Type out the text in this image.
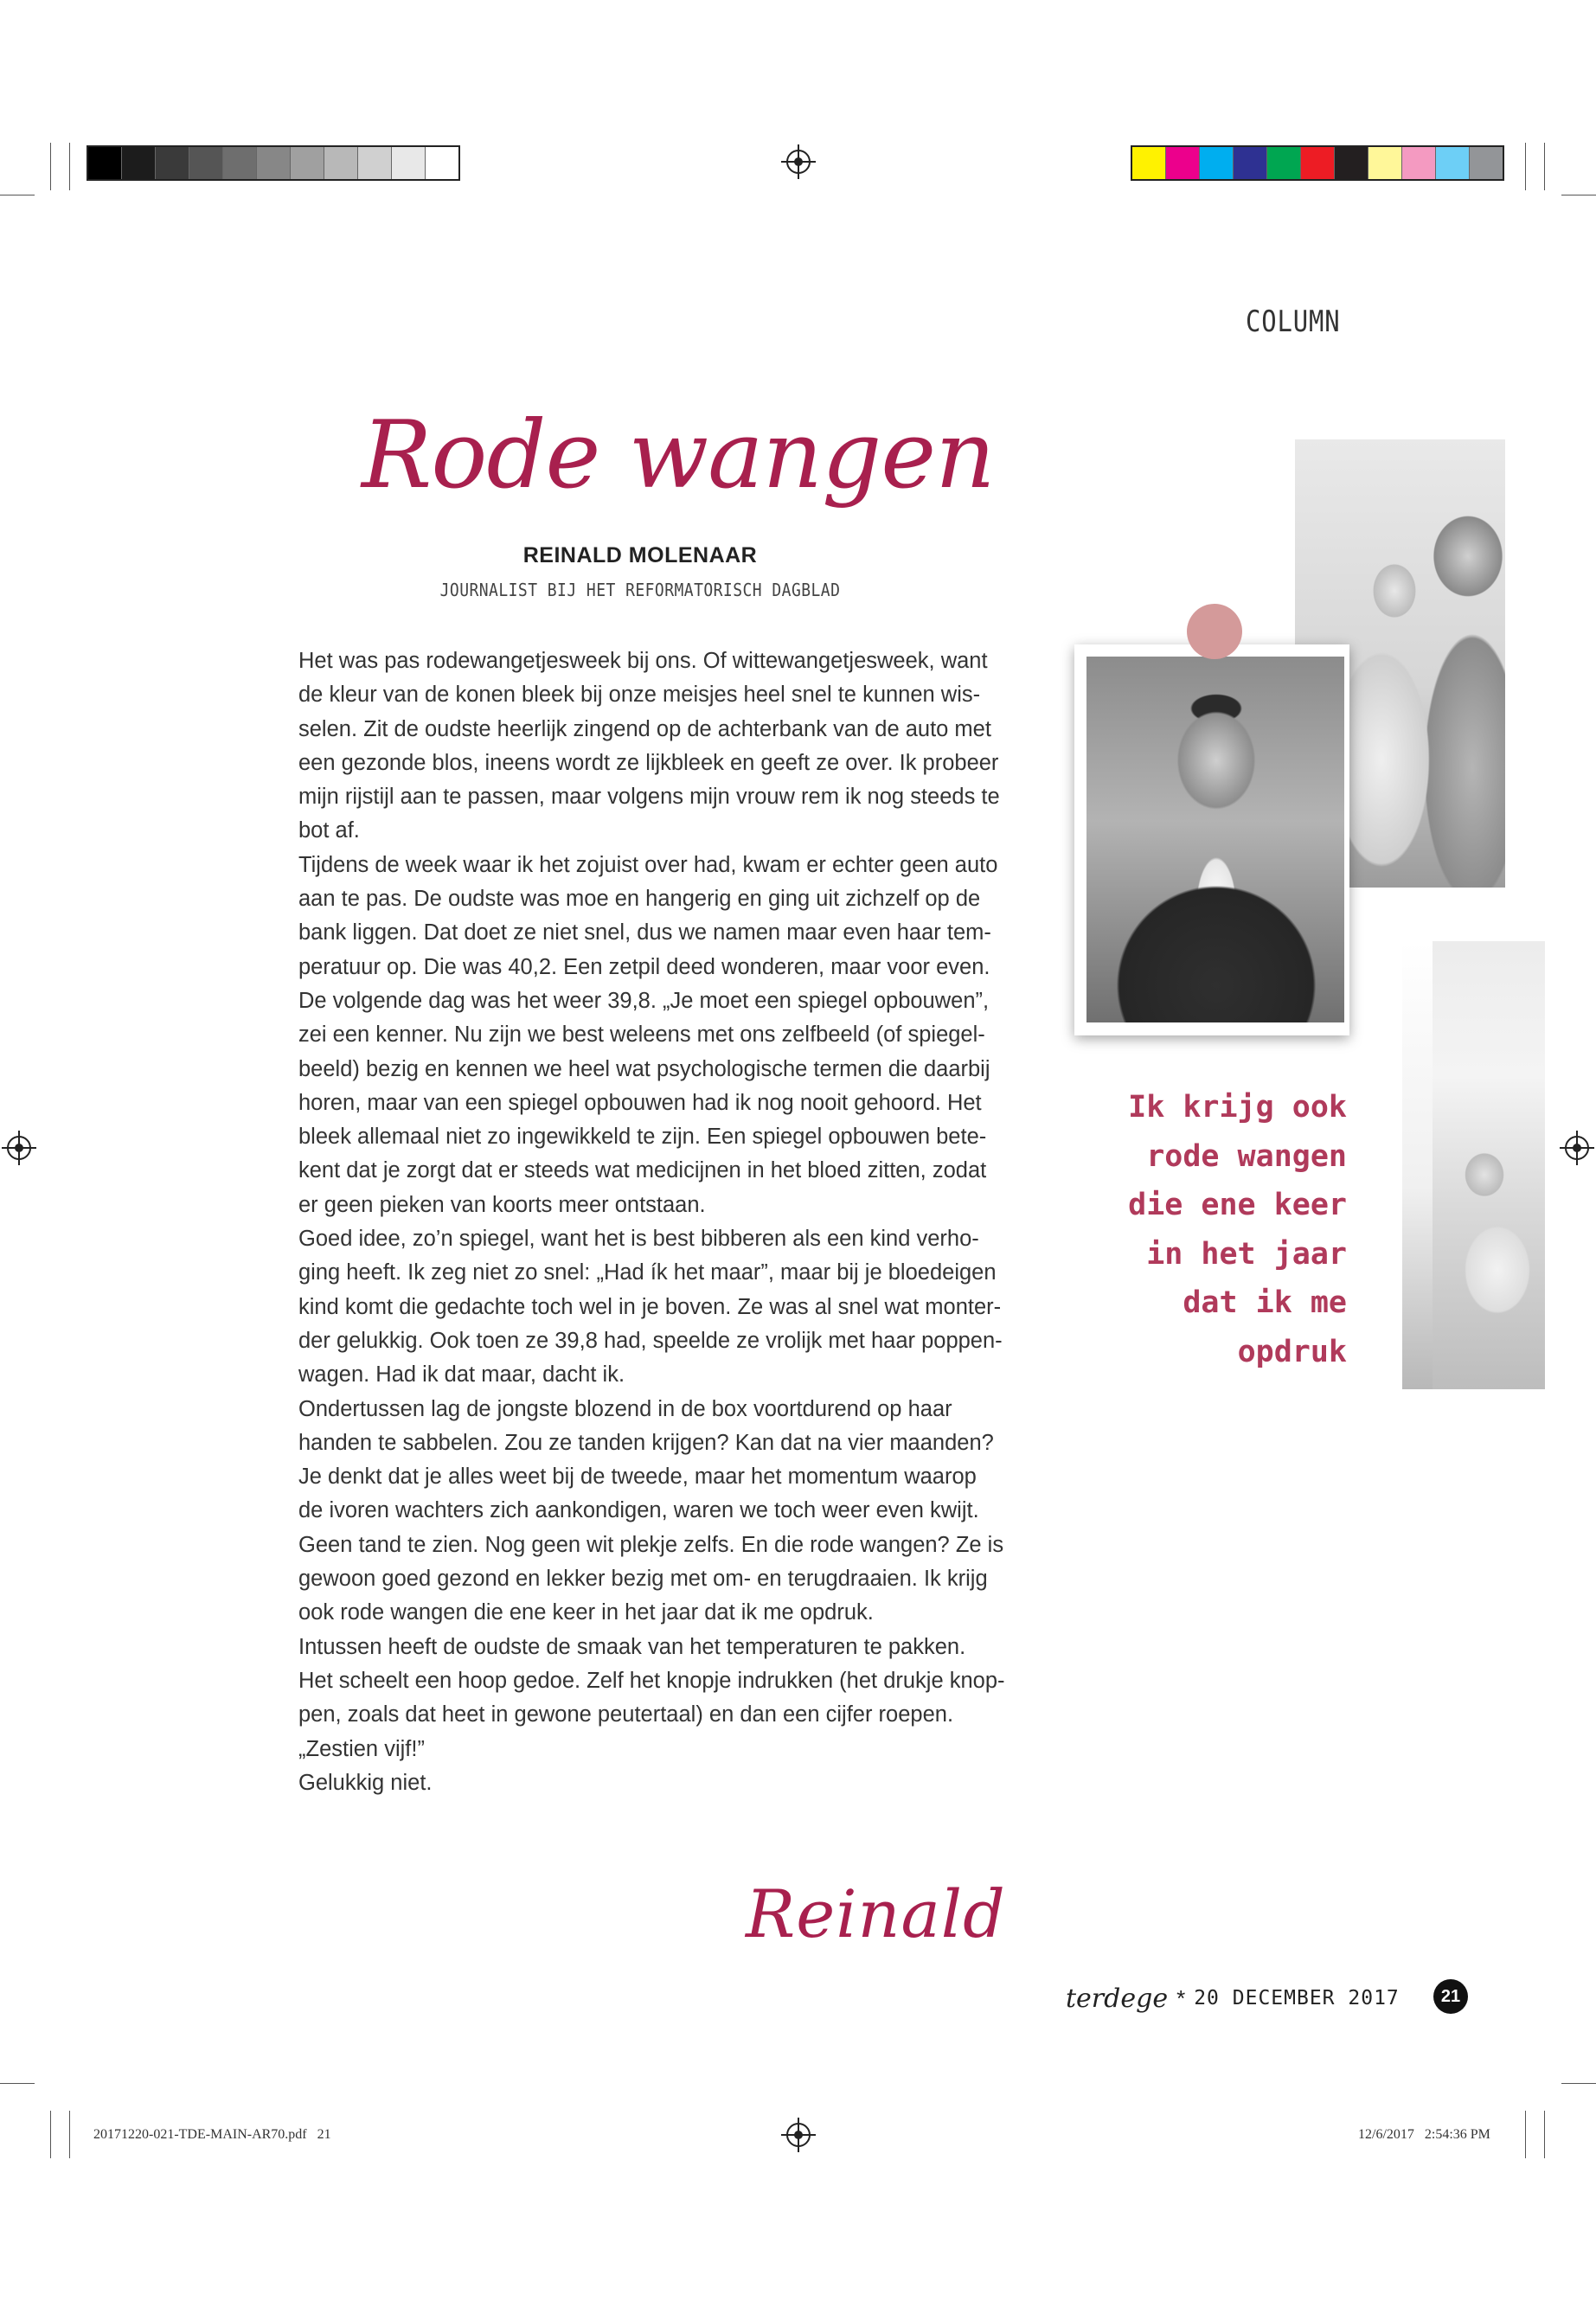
COLUMN
Rode wangen
REINALD MOLENAAR
JOURNALIST BIJ HET REFORMATORISCH DAGBLAD
Het was pas rodewangetjesweek bij ons. Of wittewangetjesweek, want
de kleur van de konen bleek bij onze meisjes heel snel te kunnen wis-
selen. Zit de oudste heerlijk zingend op de achterbank van de auto met
een gezonde blos, ineens wordt ze lijkbleek en geeft ze over. Ik probeer
mijn rijstijl aan te passen, maar volgens mijn vrouw rem ik nog steeds te
bot af.
Tijdens de week waar ik het zojuist over had, kwam er echter geen auto
aan te pas. De oudste was moe en hangerig en ging uit zichzelf op de
bank liggen. Dat doet ze niet snel, dus we namen maar even haar tem-
peratuur op. Die was 40,2. Een zetpil deed wonderen, maar voor even.
De volgende dag was het weer 39,8. „Je moet een spiegel opbouwen”,
zei een kenner. Nu zijn we best weleens met ons zelfbeeld (of spiegel-
beeld) bezig en kennen we heel wat psychologische termen die daarbij
horen, maar van een spiegel opbouwen had ik nog nooit gehoord. Het
bleek allemaal niet zo ingewikkeld te zijn. Een spiegel opbouwen bete-
kent dat je zorgt dat er steeds wat medicijnen in het bloed zitten, zodat
er geen pieken van koorts meer ontstaan.
Goed idee, zo’n spiegel, want het is best bibberen als een kind verho-
ging heeft. Ik zeg niet zo snel: „Had ík het maar”, maar bij je bloedeigen
kind komt die gedachte toch wel in je boven. Ze was al snel wat monter-
der gelukkig. Ook toen ze 39,8 had, speelde ze vrolijk met haar poppen-
wagen. Had ik dat maar, dacht ik.
Ondertussen lag de jongste blozend in de box voortdurend op haar
handen te sabbelen. Zou ze tanden krijgen? Kan dat na vier maanden?
Je denkt dat je alles weet bij de tweede, maar het momentum waarop
de ivoren wachters zich aankondigen, waren we toch weer even kwijt.
Geen tand te zien. Nog geen wit plekje zelfs. En die rode wangen? Ze is
gewoon goed gezond en lekker bezig met om- en terugdraaien. Ik krijg
ook rode wangen die ene keer in het jaar dat ik me opdruk.
Intussen heeft de oudste de smaak van het temperaturen te pakken.
Het scheelt een hoop gedoe. Zelf het knopje indrukken (het drukje knop-
pen, zoals dat heet in gewone peutertaal) en dan een cijfer roepen.
„Zestien vijf!”
Gelukkig niet.
Ik krijg ook
rode wangen
die ene keer
in het jaar
dat ik me
opdruk
Reinald
terdege * 20 DECEMBER 2017	21
20171220-021-TDE-MAIN-AR70.pdf   21	12/6/2017   2:54:36 PM
